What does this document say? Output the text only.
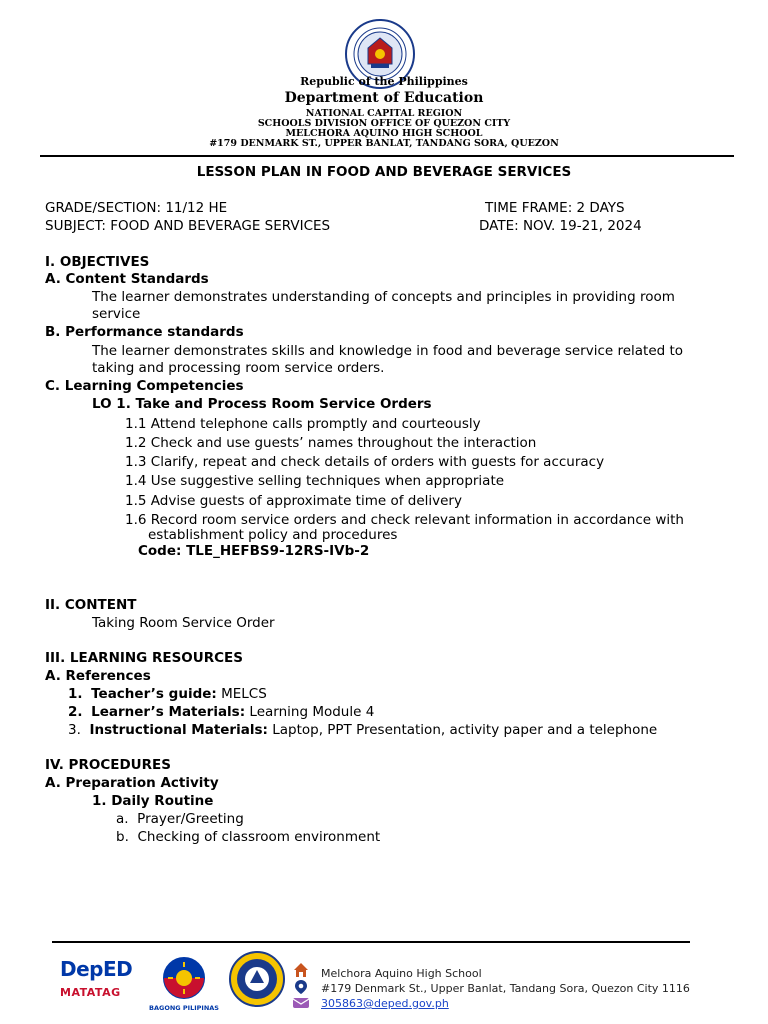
Republic of the Philippines
Department of Education
NATIONAL CAPITAL REGION
SCHOOLS DIVISION OFFICE OF QUEZON CITY
MELCHORA AQUINO HIGH SCHOOL
#179 DENMARK ST., UPPER BANLAT, TANDANG SORA, QUEZON
LESSON PLAN IN FOOD AND BEVERAGE SERVICES
GRADE/SECTION: 11/12 HE	TIME FRAME: 2 DAYS
SUBJECT: FOOD AND BEVERAGE SERVICES	DATE: NOV. 19-21, 2024
I. OBJECTIVES
A. Content Standards
The learner demonstrates understanding of concepts and principles in providing room
service
B. Performance standards
The learner demonstrates skills and knowledge in food and beverage service related to
taking and processing room service orders.
C. Learning Competencies
LO 1. Take and Process Room Service Orders
1.1 Attend telephone calls promptly and courteously
1.2 Check and use guests’ names throughout the interaction
1.3 Clarify, repeat and check details of orders with guests for accuracy
1.4 Use suggestive selling techniques when appropriate
1.5 Advise guests of approximate time of delivery
1.6 Record room service orders and check relevant information in accordance with
establishment policy and procedures
Code: TLE_HEFBS9-12RS-IVb-2
II. CONTENT
Taking Room Service Order
III. LEARNING RESOURCES
A. References
1. Teacher’s guide: MELCS
2. Learner’s Materials: Learning Module 4
3. Instructional Materials: Laptop, PPT Presentation, activity paper and a telephone
IV. PROCEDURES
A. Preparation Activity
1. Daily Routine
a. Prayer/Greeting
b. Checking of classroom environment
DepED
MATATAG
BAGONG PILIPINAS
Melchora Aquino High School
#179 Denmark St., Upper Banlat, Tandang Sora, Quezon City 1116
305863@deped.gov.ph
